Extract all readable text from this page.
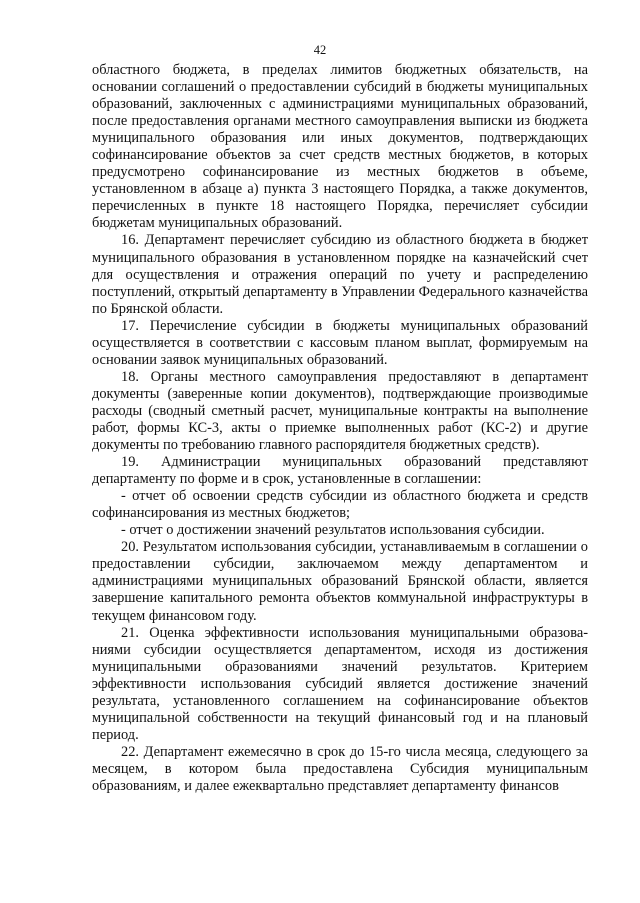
42

областного бюджета, в пределах лимитов бюджетных обязательств, на основании соглашений о предоставлении субсидий в бюджеты муниципальных образований, заключенных с администрациями муниципальных образований, после предоставления органами местного самоуправления выписки из бюджета муниципального образования или иных документов, подтверждающих софинансирование объектов за счет средств местных бюджетов, в которых предусмотрено софинансирование из местных бюджетов в объеме, установленном в абзаце а) пункта 3 настоящего Порядка, а также документов, перечисленных в пункте 18 настоящего Порядка, перечисляет субсидии бюджетам муниципальных образований.

16. Департамент перечисляет субсидию из областного бюджета в бюджет муниципального образования в установленном порядке на казначейский счет для осуществления и отражения операций по учету и распределению поступлений, открытый департаменту в Управлении Федерального казначейства по Брянской области.

17. Перечисление субсидии в бюджеты муниципальных образований осуществляется в соответствии с кассовым планом выплат, формируемым на основании заявок муниципальных образований.

18. Органы местного самоуправления предоставляют в департамент документы (заверенные копии документов), подтверждающие производимые расходы (сводный сметный расчет, муниципальные контракты на выполнение работ, формы КС-3, акты о приемке выполненных работ (КС-2) и другие документы по требованию главного распорядителя бюджетных средств).

19. Администрации муниципальных образований представляют департаменту по форме и в срок, установленные в соглашении:

- отчет об освоении средств субсидии из областного бюджета и средств софинансирования из местных бюджетов;

- отчет о достижении значений результатов использования субсидии.

20. Результатом использования субсидии, устанавливаемым в соглашении о предоставлении субсидии, заключаемом между департаментом и администрациями муниципальных образований Брянской области, является завершение капитального ремонта объектов коммунальной инфраструктуры в текущем финансовом году.

21. Оценка эффективности использования муниципальными образованиями субсидии осуществляется департаментом, исходя из достижения муниципальными образованиями значений результатов. Критерием эффективности использования субсидий является достижение значений результата, установленного соглашением на софинансирование объектов муниципальной собственности на текущий финансовый год и на плановый период.

22. Департамент ежемесячно в срок до 15-го числа месяца, следующего за месяцем, в котором была предоставлена Субсидия муниципальным образованиям, и далее ежеквартально представляет департаменту финансов
